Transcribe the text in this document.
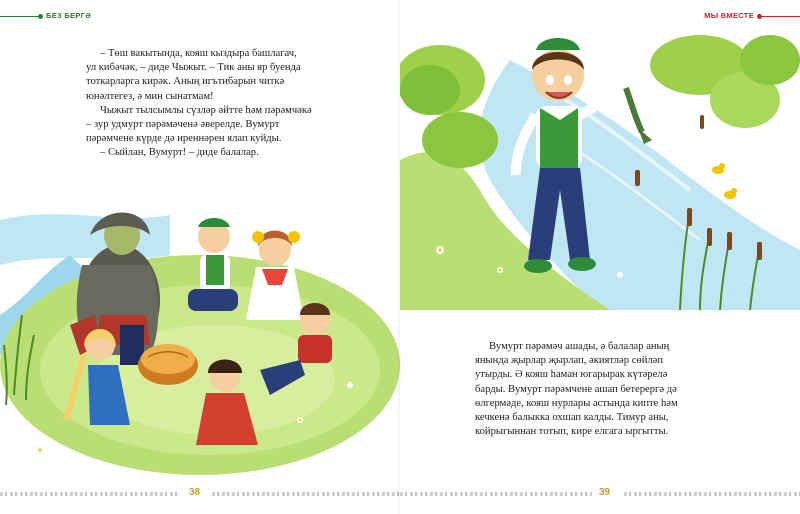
БЕЗ БЕРГӘ

– Төш вакытында, кояш кыздыра башлагач,

ул кибәчәк, – диде Чыжыт. – Тик аны яр буенда

тоткарларга кирәк. Аның игътибарын читкә

юнәлтегез, ә мин сынатмам!

Чыжыт тылсымлы сүзләр әйтте һәм пәрәмчәкә

– зур удмурт пәрәмәченә әверелде. Вумурт

пәрәмчене күрде дә иреннәрен ялап куйды.

– Сыйлан, Вумурт! – диде балалар.

38
МЫ ВМЕСТЕ

Вумурт пәрәмәч ашады, ә балалар аның

янында җырлар җырлап, әкиятләр сөйләп

утырды. Ә кояш һаман югарырак күтәрелә

барды. Вумурт пәрәмчене ашап бетерергә дә

өлгермәде, кояш нурлары астында кипте һәм

кечкенә балыкка охшап калды. Тимур аны,

койрыгыннан тотып, кире елгага ыргытты.

39
